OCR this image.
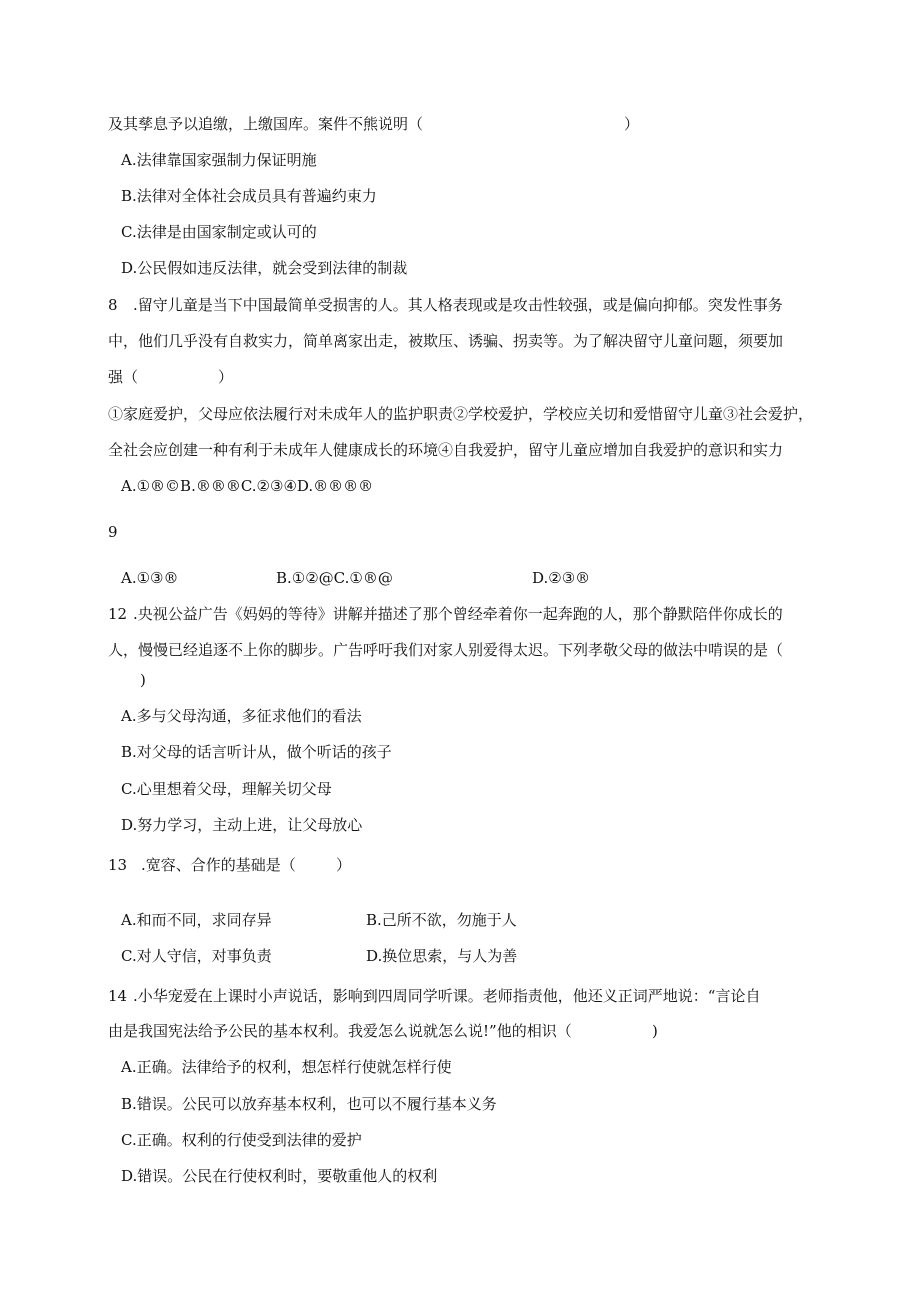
及其孳息予以追缴，上缴国库。案件不熊说明（	）
A.法律靠国家强制力保证明施
B.法律对全体社会成员具有普遍约束力
C.法律是由国家制定或认可的
D.公民假如违反法律，就会受到法律的制裁
8 .留守儿童是当下中国最简单受损害的人。其人格表现或是攻击性较强，或是偏向抑郁。突发性事务
中，他们几乎没有自救实力，简单离家出走，被欺压、诱骗、拐卖等。为了解决留守儿童问题，须要加
强（	）
①家庭爱护，父母应依法履行对未成年人的监护职责②学校爱护，学校应关切和爱惜留守儿童③社会爱护，
全社会应创建一种有利于未成年人健康成长的环境④自我爱护，留守儿童应增加自我爱护的意识和实力
A.①®©B.®®®C.②③④D.®®®®
9
A.①③®	B.①②@C.①®@	D.②③®
12 .央视公益广告《妈妈的等待》讲解并描述了那个曾经牵着你一起奔跑的人，那个静默陪伴你成长的
人，慢慢已经追逐不上你的脚步。广告呼吁我们对家人别爱得太迟。下列孝敬父母的做法中啃误的是（
)
A.多与父母沟通，多征求他们的看法
B.对父母的话言听计从，做个听话的孩子
C.心里想着父母，理解关切父母
D.努力学习，主动上进，让父母放心
13 .宽容、合作的基础是（	）
A.和而不同，求同存异	B.己所不欲，勿施于人
C.对人守信，对事负责	D.换位思索，与人为善
14 .小华宠爱在上课时小声说话，影响到四周同学听课。老师指责他，他还义正词严地说：“言论自
由是我国宪法给予公民的基本权利。我爱怎么说就怎么说!”他的相识（	)
A.正确。法律给予的权利，想怎样行使就怎样行使
B.错误。公民可以放弃基本权利，也可以不履行基本义务
C.正确。权利的行使受到法律的爱护
D.错误。公民在行使权利时，要敬重他人的权利
